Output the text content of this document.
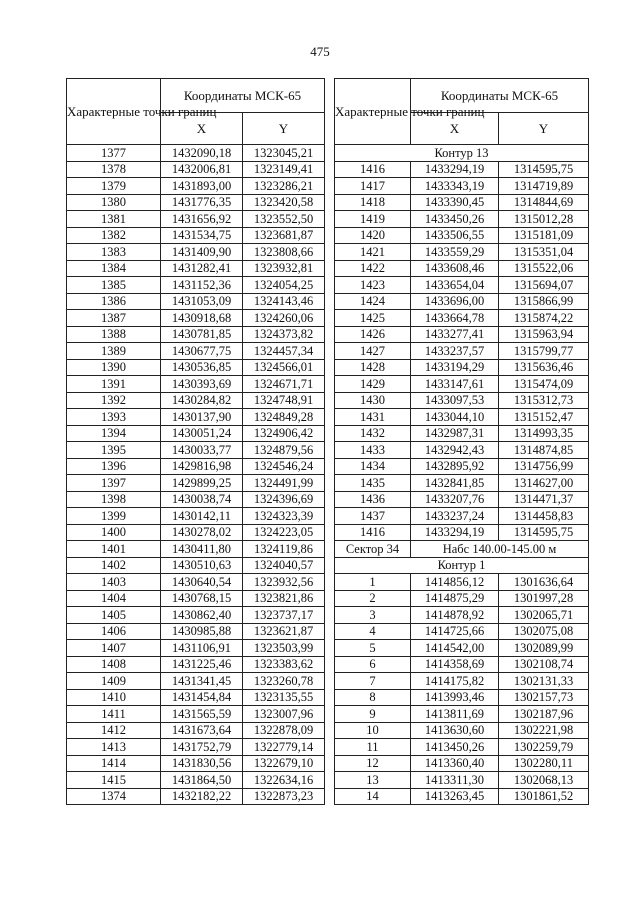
475
Характерные точки границ	Координаты МСК-65	
	X	Y
1377	1432090,18	1323045,21
1378	1432006,81	1323149,41
1379	1431893,00	1323286,21
1380	1431776,35	1323420,58
1381	1431656,92	1323552,50
1382	1431534,75	1323681,87
1383	1431409,90	1323808,66
1384	1431282,41	1323932,81
1385	1431152,36	1324054,25
1386	1431053,09	1324143,46
1387	1430918,68	1324260,06
1388	1430781,85	1324373,82
1389	1430677,75	1324457,34
1390	1430536,85	1324566,01
1391	1430393,69	1324671,71
1392	1430284,82	1324748,91
1393	1430137,90	1324849,28
1394	1430051,24	1324906,42
1395	1430033,77	1324879,56
1396	1429816,98	1324546,24
1397	1429899,25	1324491,99
1398	1430038,74	1324396,69
1399	1430142,11	1324323,39
1400	1430278,02	1324223,05
1401	1430411,80	1324119,86
1402	1430510,63	1324040,57
1403	1430640,54	1323932,56
1404	1430768,15	1323821,86
1405	1430862,40	1323737,17
1406	1430985,88	1323621,87
1407	1431106,91	1323503,99
1408	1431225,46	1323383,62
1409	1431341,45	1323260,78
1410	1431454,84	1323135,55
1411	1431565,59	1323007,96
1412	1431673,64	1322878,09
1413	1431752,79	1322779,14
1414	1431830,56	1322679,10
1415	1431864,50	1322634,16
1374	1432182,22	1322873,23
Характерные точки границ	Координаты МСК-65	
	X	Y
Контур 13		
1416	1433294,19	1314595,75
1417	1433343,19	1314719,89
1418	1433390,45	1314844,69
1419	1433450,26	1315012,28
1420	1433506,55	1315181,09
1421	1433559,29	1315351,04
1422	1433608,46	1315522,06
1423	1433654,04	1315694,07
1424	1433696,00	1315866,99
1425	1433664,78	1315874,22
1426	1433277,41	1315963,94
1427	1433237,57	1315799,77
1428	1433194,29	1315636,46
1429	1433147,61	1315474,09
1430	1433097,53	1315312,73
1431	1433044,10	1315152,47
1432	1432987,31	1314993,35
1433	1432942,43	1314874,85
1434	1432895,92	1314756,99
1435	1432841,85	1314627,00
1436	1433207,76	1314471,37
1437	1433237,24	1314458,83
1416	1433294,19	1314595,75
Сектор 34	Набс 140.00-145.00 м	
Контур 1		
1	1414856,12	1301636,64
2	1414875,29	1301997,28
3	1414878,92	1302065,71
4	1414725,66	1302075,08
5	1414542,00	1302089,99
6	1414358,69	1302108,74
7	1414175,82	1302131,33
8	1413993,46	1302157,73
9	1413811,69	1302187,96
10	1413630,60	1302221,98
11	1413450,26	1302259,79
12	1413360,40	1302280,11
13	1413311,30	1302068,13
14	1413263,45	1301861,52
